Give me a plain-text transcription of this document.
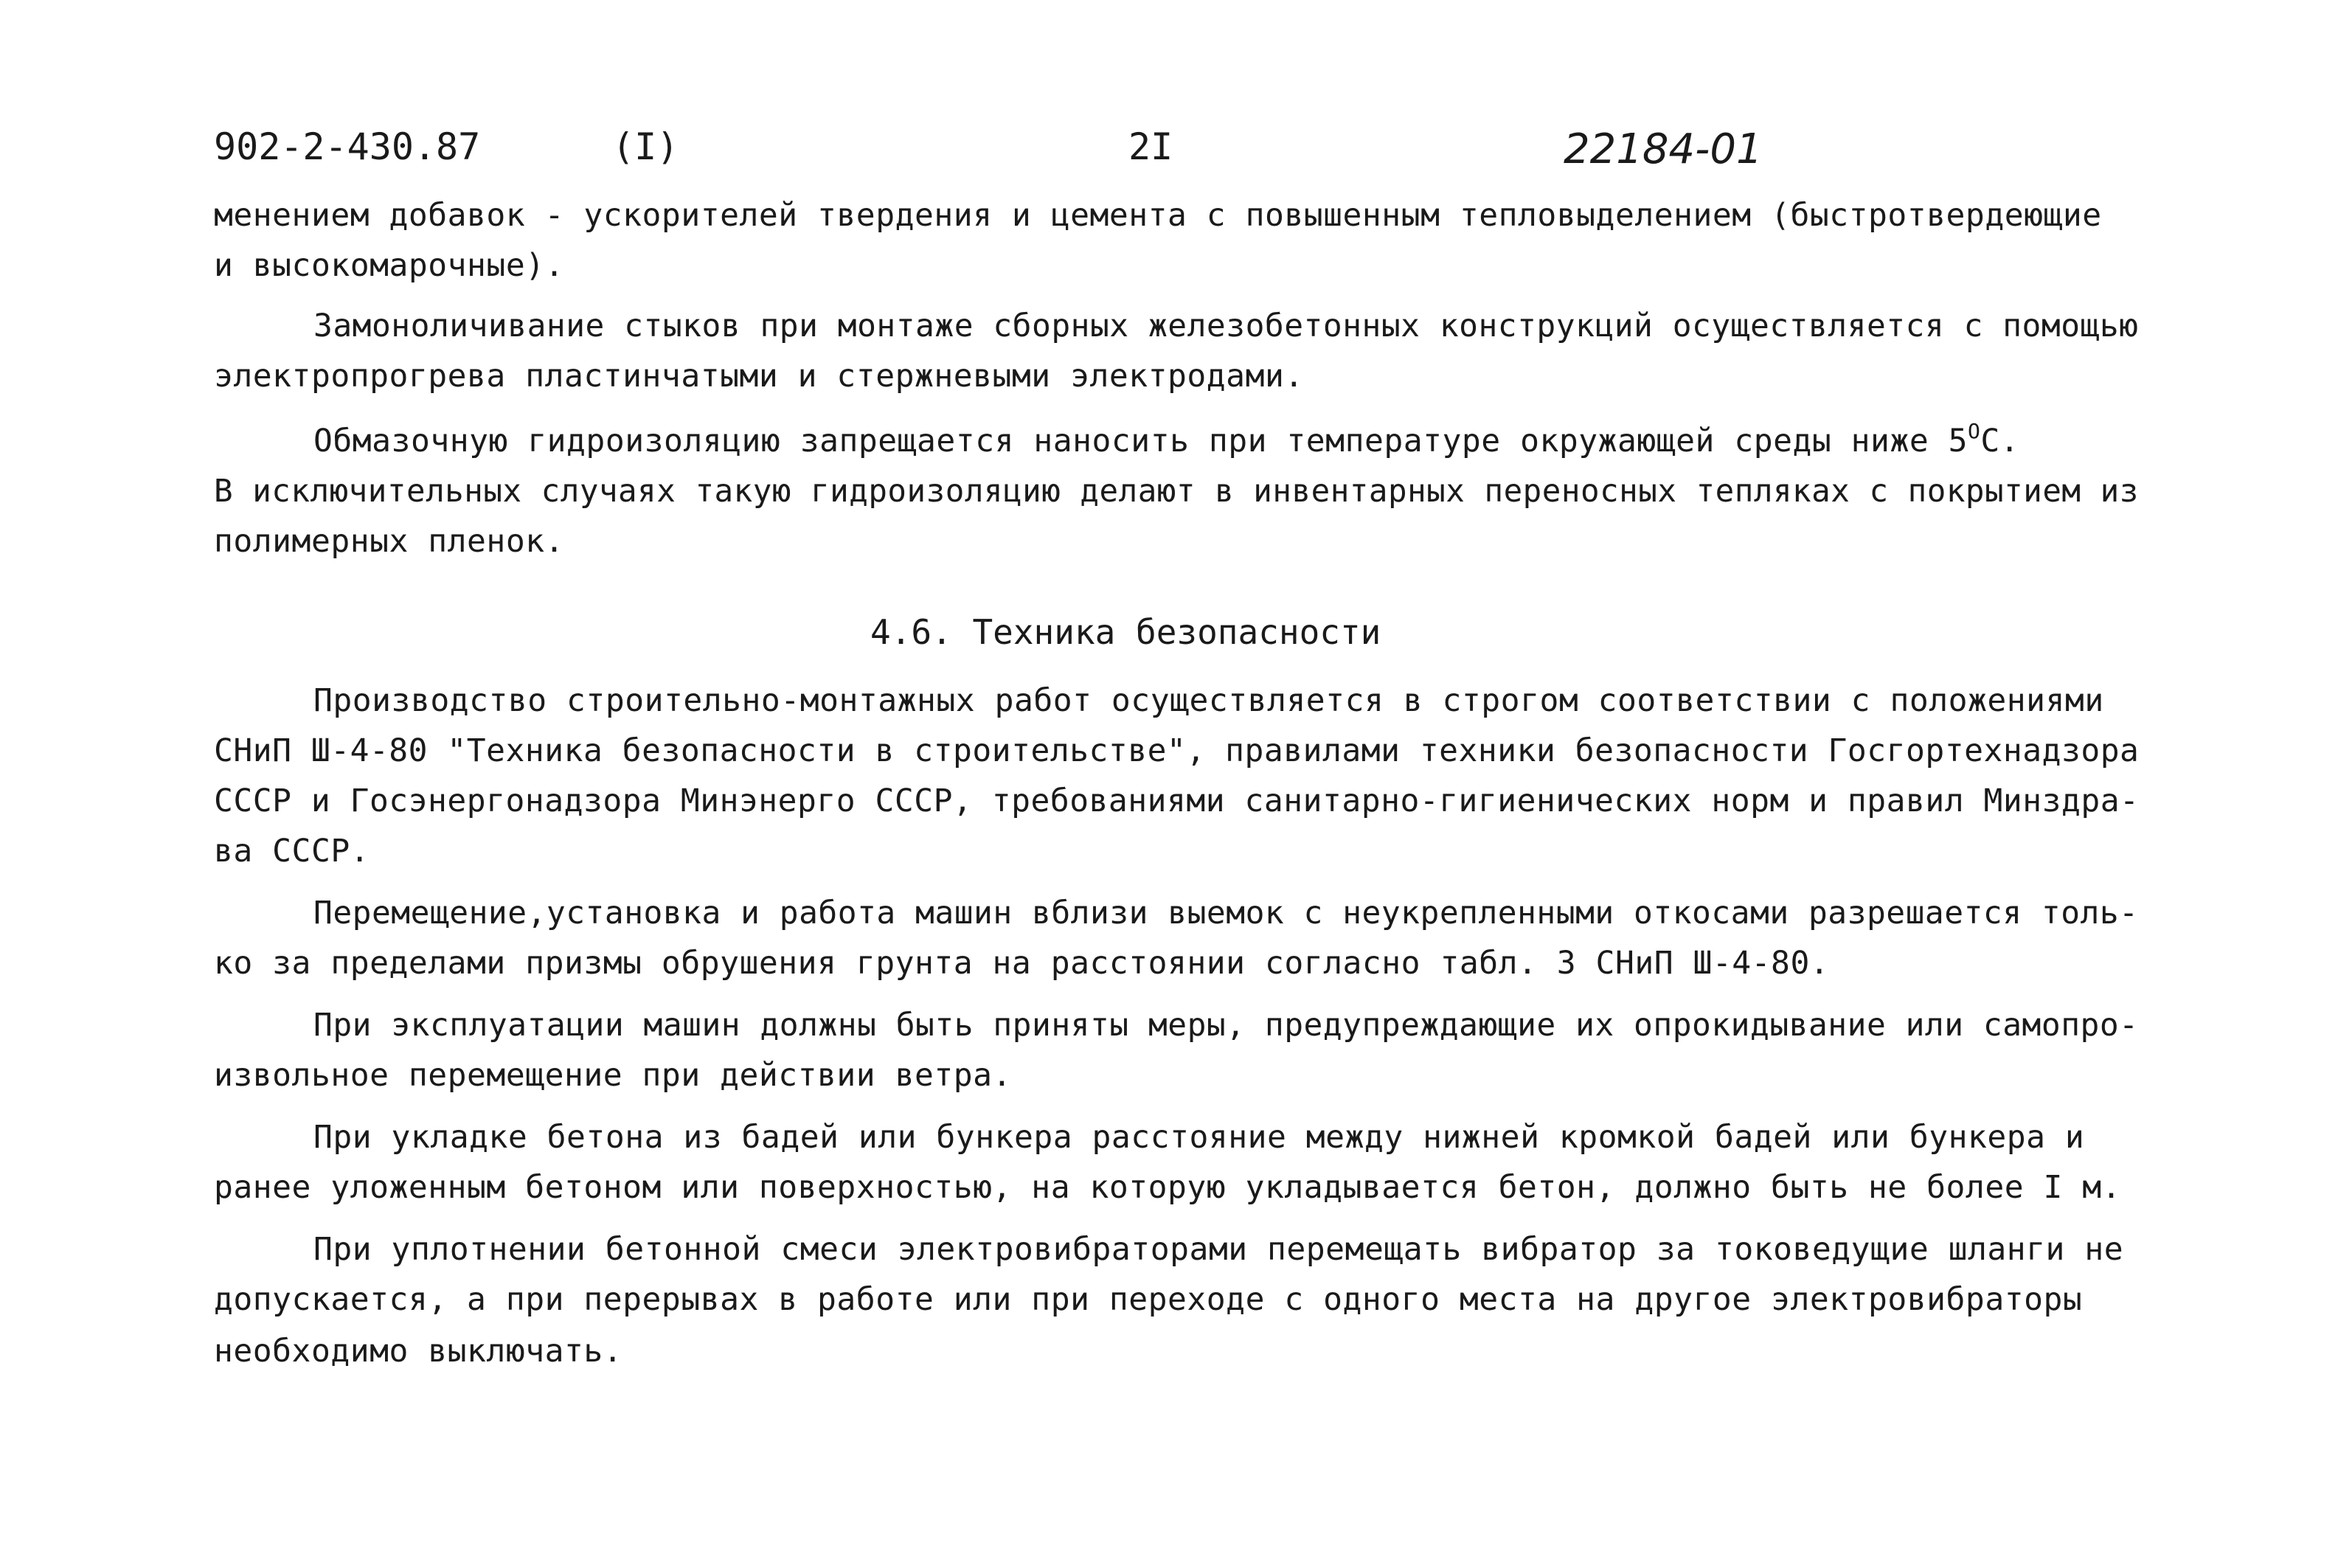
902-2-430.87	(I)	2I	22184-01
менением добавок - ускорителей твердения и цемента с повышенным тепловыделением (быстротвердеющие
и высокомарочные).
Замоноличивание стыков при монтаже сборных железобетонных конструкций осуществляется с помощью
электропрогрева пластинчатыми и стержневыми электродами.
Обмазочную гидроизоляцию запрещается наносить при температуре окружающей среды ниже $5^OС$.
В исключительных случаях такую гидроизоляцию делают в инвентарных переносных тепляках с покрытием из
полимерных пленок.
4.6. Техника безопасности
Производство строительно-монтажных работ осуществляется в строгом соответствии с положениями
СНиП Ш-4-80 "Техника безопасности в строительстве", правилами техники безопасности Госгортехнадзора
СССР и Госэнергонадзора Минэнерго СССР, требованиями санитарно-гигиенических норм и правил Минздра-
ва СССР.
Перемещение,установка и работа машин вблизи выемок с неукрепленными откосами разрешается толь-
ко за пределами призмы обрушения грунта на расстоянии согласно табл. 3 СНиП Ш-4-80.
При эксплуатации машин должны быть приняты меры, предупреждающие их опрокидывание или самопро-
извольное перемещение при действии ветра.
При укладке бетона из бадей или бункера расстояние между нижней кромкой бадей или бункера и
ранее уложенным бетоном или поверхностью, на которую укладывается бетон, должно быть не более I м.
При уплотнении бетонной смеси электровибраторами перемещать вибратор за токоведущие шланги не
допускается, а при перерывах в работе или при переходе с одного места на другое электровибраторы
необходимо выключать.
